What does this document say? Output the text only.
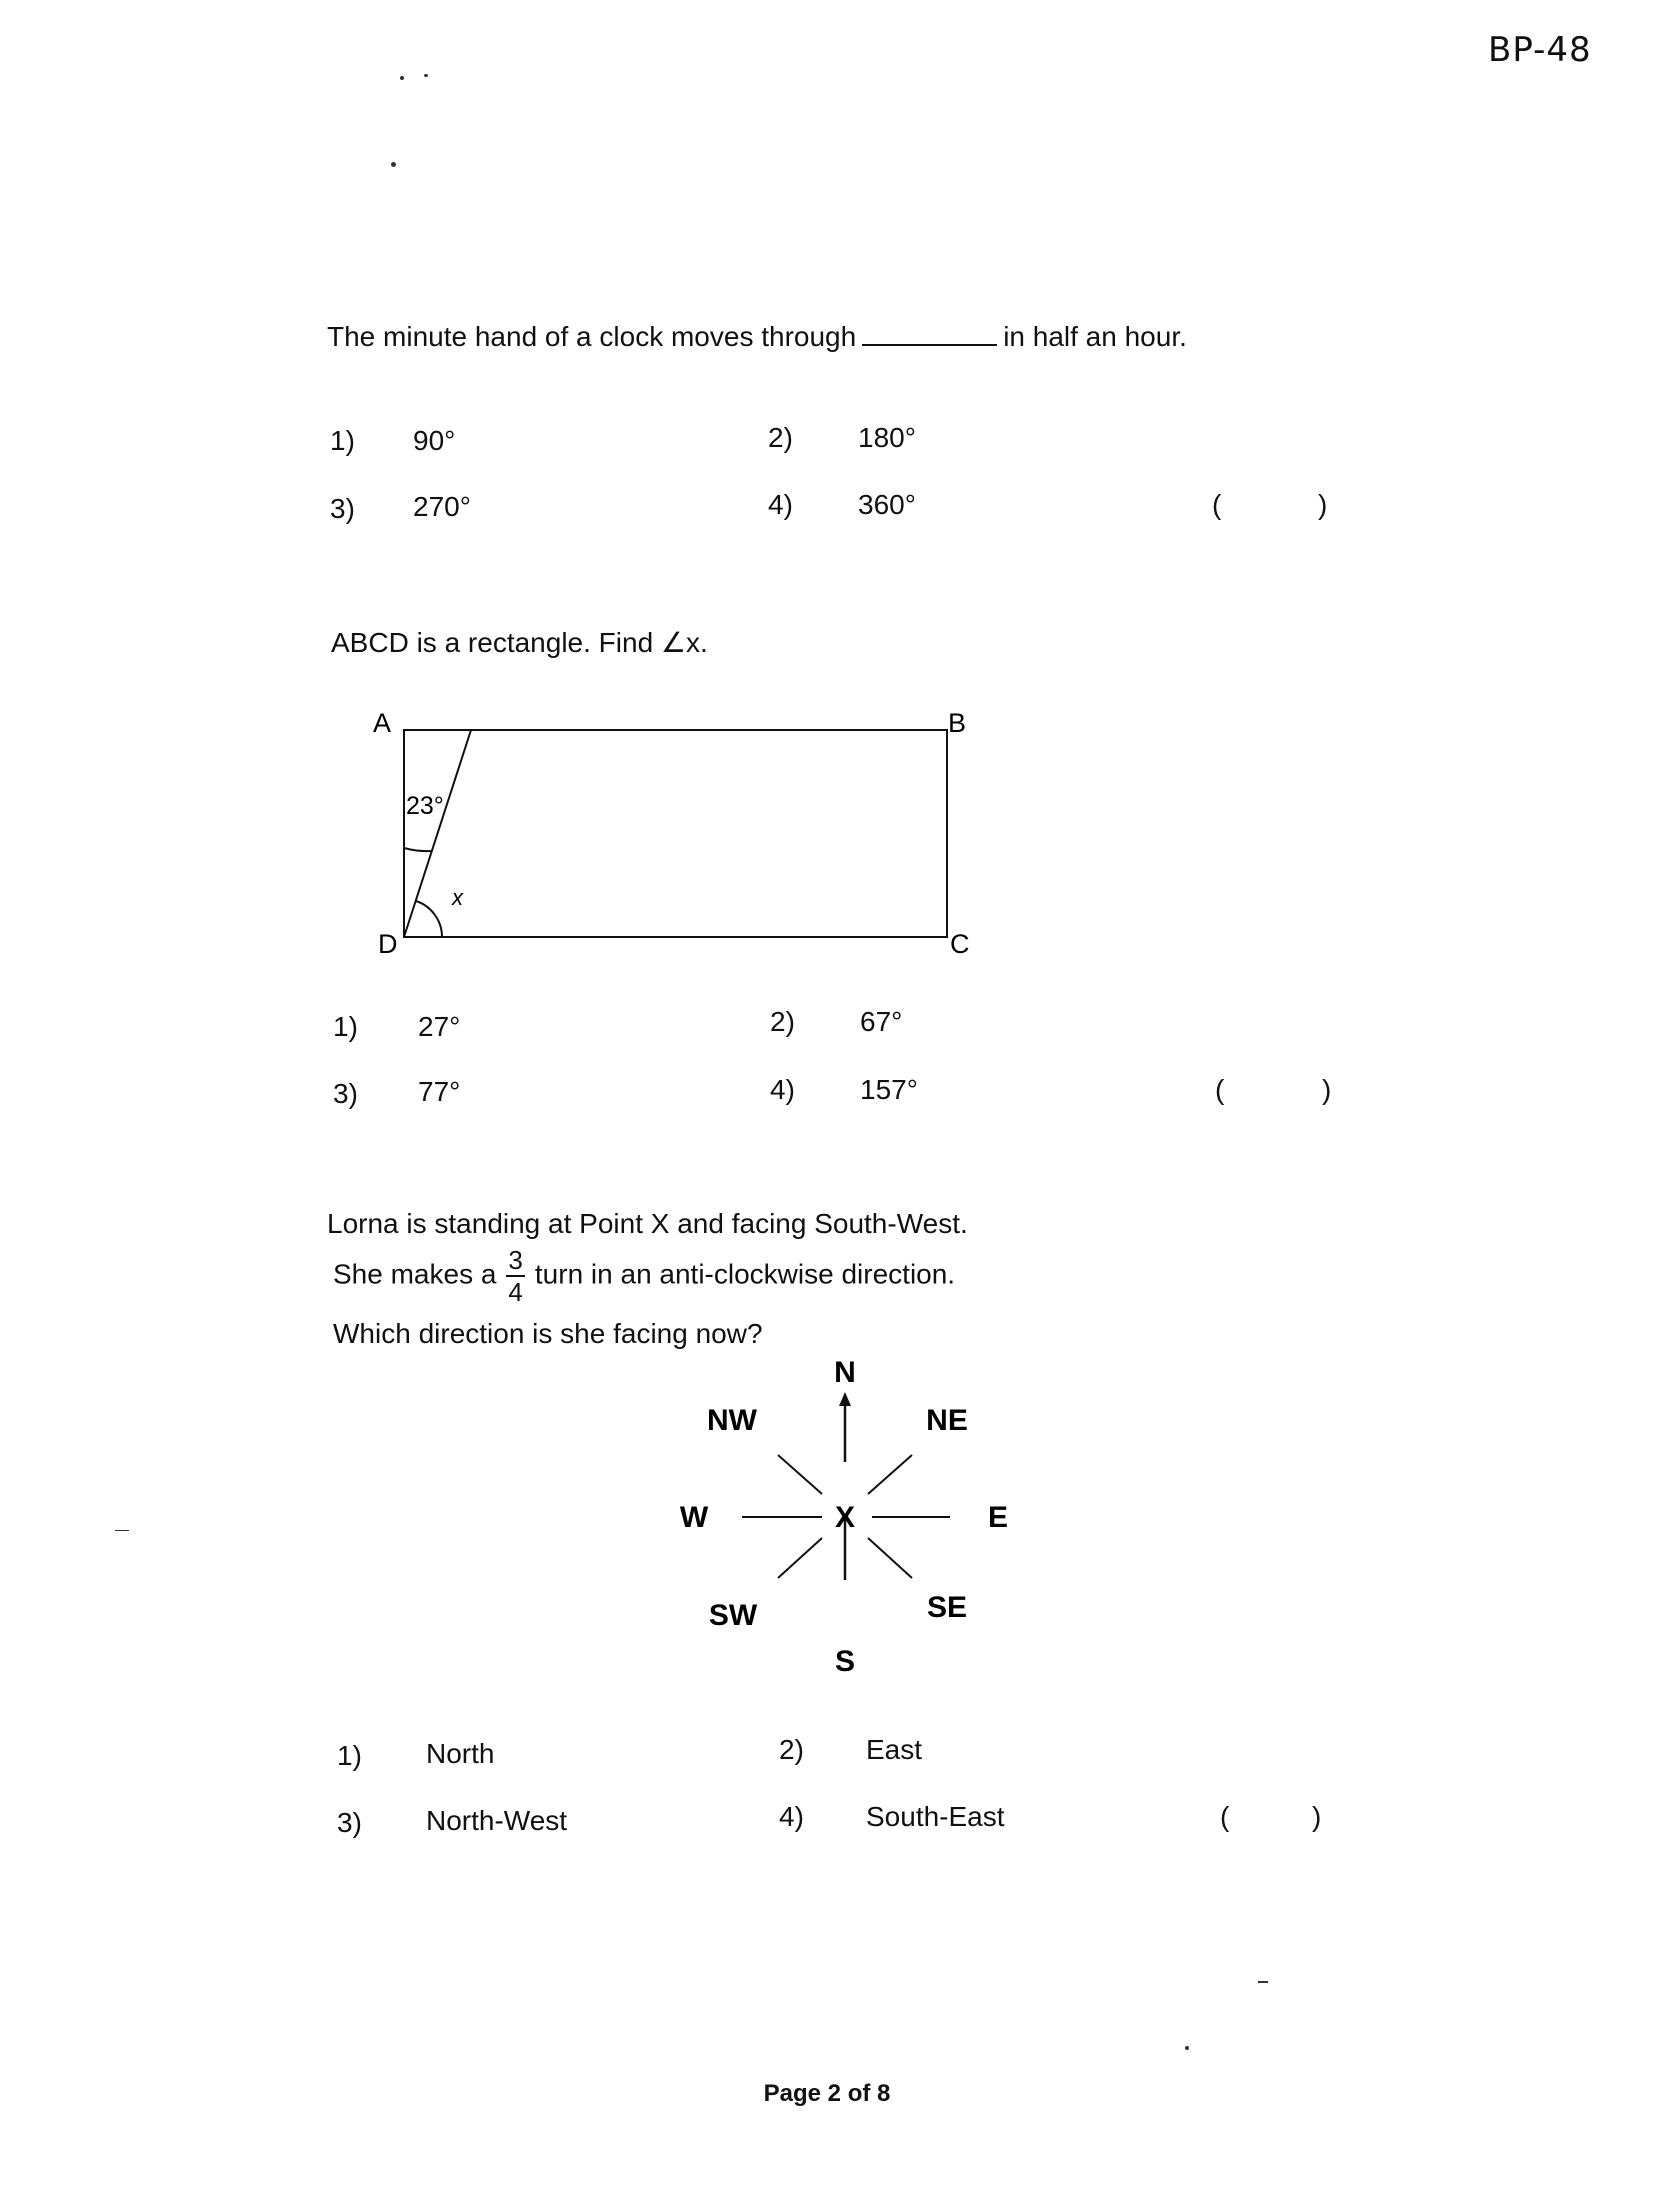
BP-48
The minute hand of a clock moves through	in half an hour.
1) 90°	2) 180°
3) 270°	4) 360°	(	)
ABCD is a rectangle. Find ∠x.
A	B
C
D
23°
x
1) 27°	2) 67°
3) 77°	4) 157°	(	)
Lorna is standing at Point X and facing South-West.
She makes a $\frac{3}{4}$ turn in an anti-clockwise direction.
Which direction is she facing now?
N
NW	NE
W	X	E
SW	SE
S
1) North	2) East
3) North-West	4) South-East	(	)
Page 2 of 8
